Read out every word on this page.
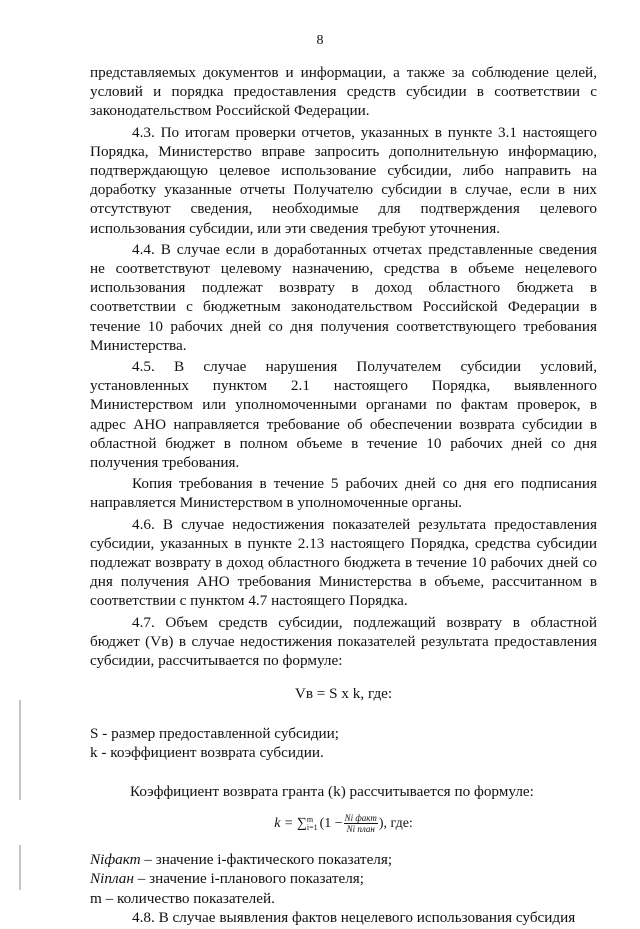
8

представляемых документов и информации, а также за соблюдение целей, условий и порядка предоставления средств субсидии в соответствии с законодательством Российской Федерации.

4.3. По итогам проверки отчетов, указанных в пункте 3.1 настоящего Порядка, Министерство вправе запросить дополнительную информацию, подтверждающую целевое использование субсидии, либо направить на доработку указанные отчеты Получателю субсидии в случае, если в них отсутствуют сведения, необходимые для подтверждения целевого использования субсидии, или эти сведения требуют уточнения.

4.4. В случае если в доработанных отчетах представленные сведения не соответствуют целевому назначению, средства в объеме нецелевого использования подлежат возврату в доход областного бюджета в соответствии с бюджетным законодательством Российской Федерации в течение 10 рабочих дней со дня получения соответствующего требования Министерства.

4.5. В случае нарушения Получателем субсидии условий, установленных пунктом 2.1 настоящего Порядка, выявленного Министерством или уполномоченными органами по фактам проверок, в адрес АНО направляется требование об обеспечении возврата субсидии в областной бюджет в полном объеме в течение 10 рабочих дней со дня получения требования.

Копия требования в течение 5 рабочих дней со дня его подписания направляется Министерством в уполномоченные органы.

4.6. В случае недостижения показателей результата предоставления субсидии, указанных в пункте 2.13 настоящего Порядка, средства субсидии подлежат возврату в доход областного бюджета в течение 10 рабочих дней со дня получения АНО требования Министерства в объеме, рассчитанном в соответствии с пунктом 4.7 настоящего Порядка.

4.7. Объем средств субсидии, подлежащий возврату в областной бюджет (Vв) в случае недостижения показателей результата предоставления субсидии, рассчитывается по формуле:

Vв = S x k, где:

S - размер предоставленной субсидии;

k - коэффициент возврата субсидии.

Коэффициент возврата гранта (k) рассчитывается по формуле:

k = ∑ m
i=1 ($1 - \frac{\text{Ni факт}}{\text{Ni план}}$ ), где:

Niфакт – значение i-фактического показателя;

Niплан – значение i-планового показателя;

m – количество показателей.

4.8. В случае выявления фактов нецелевого использования субсидия
